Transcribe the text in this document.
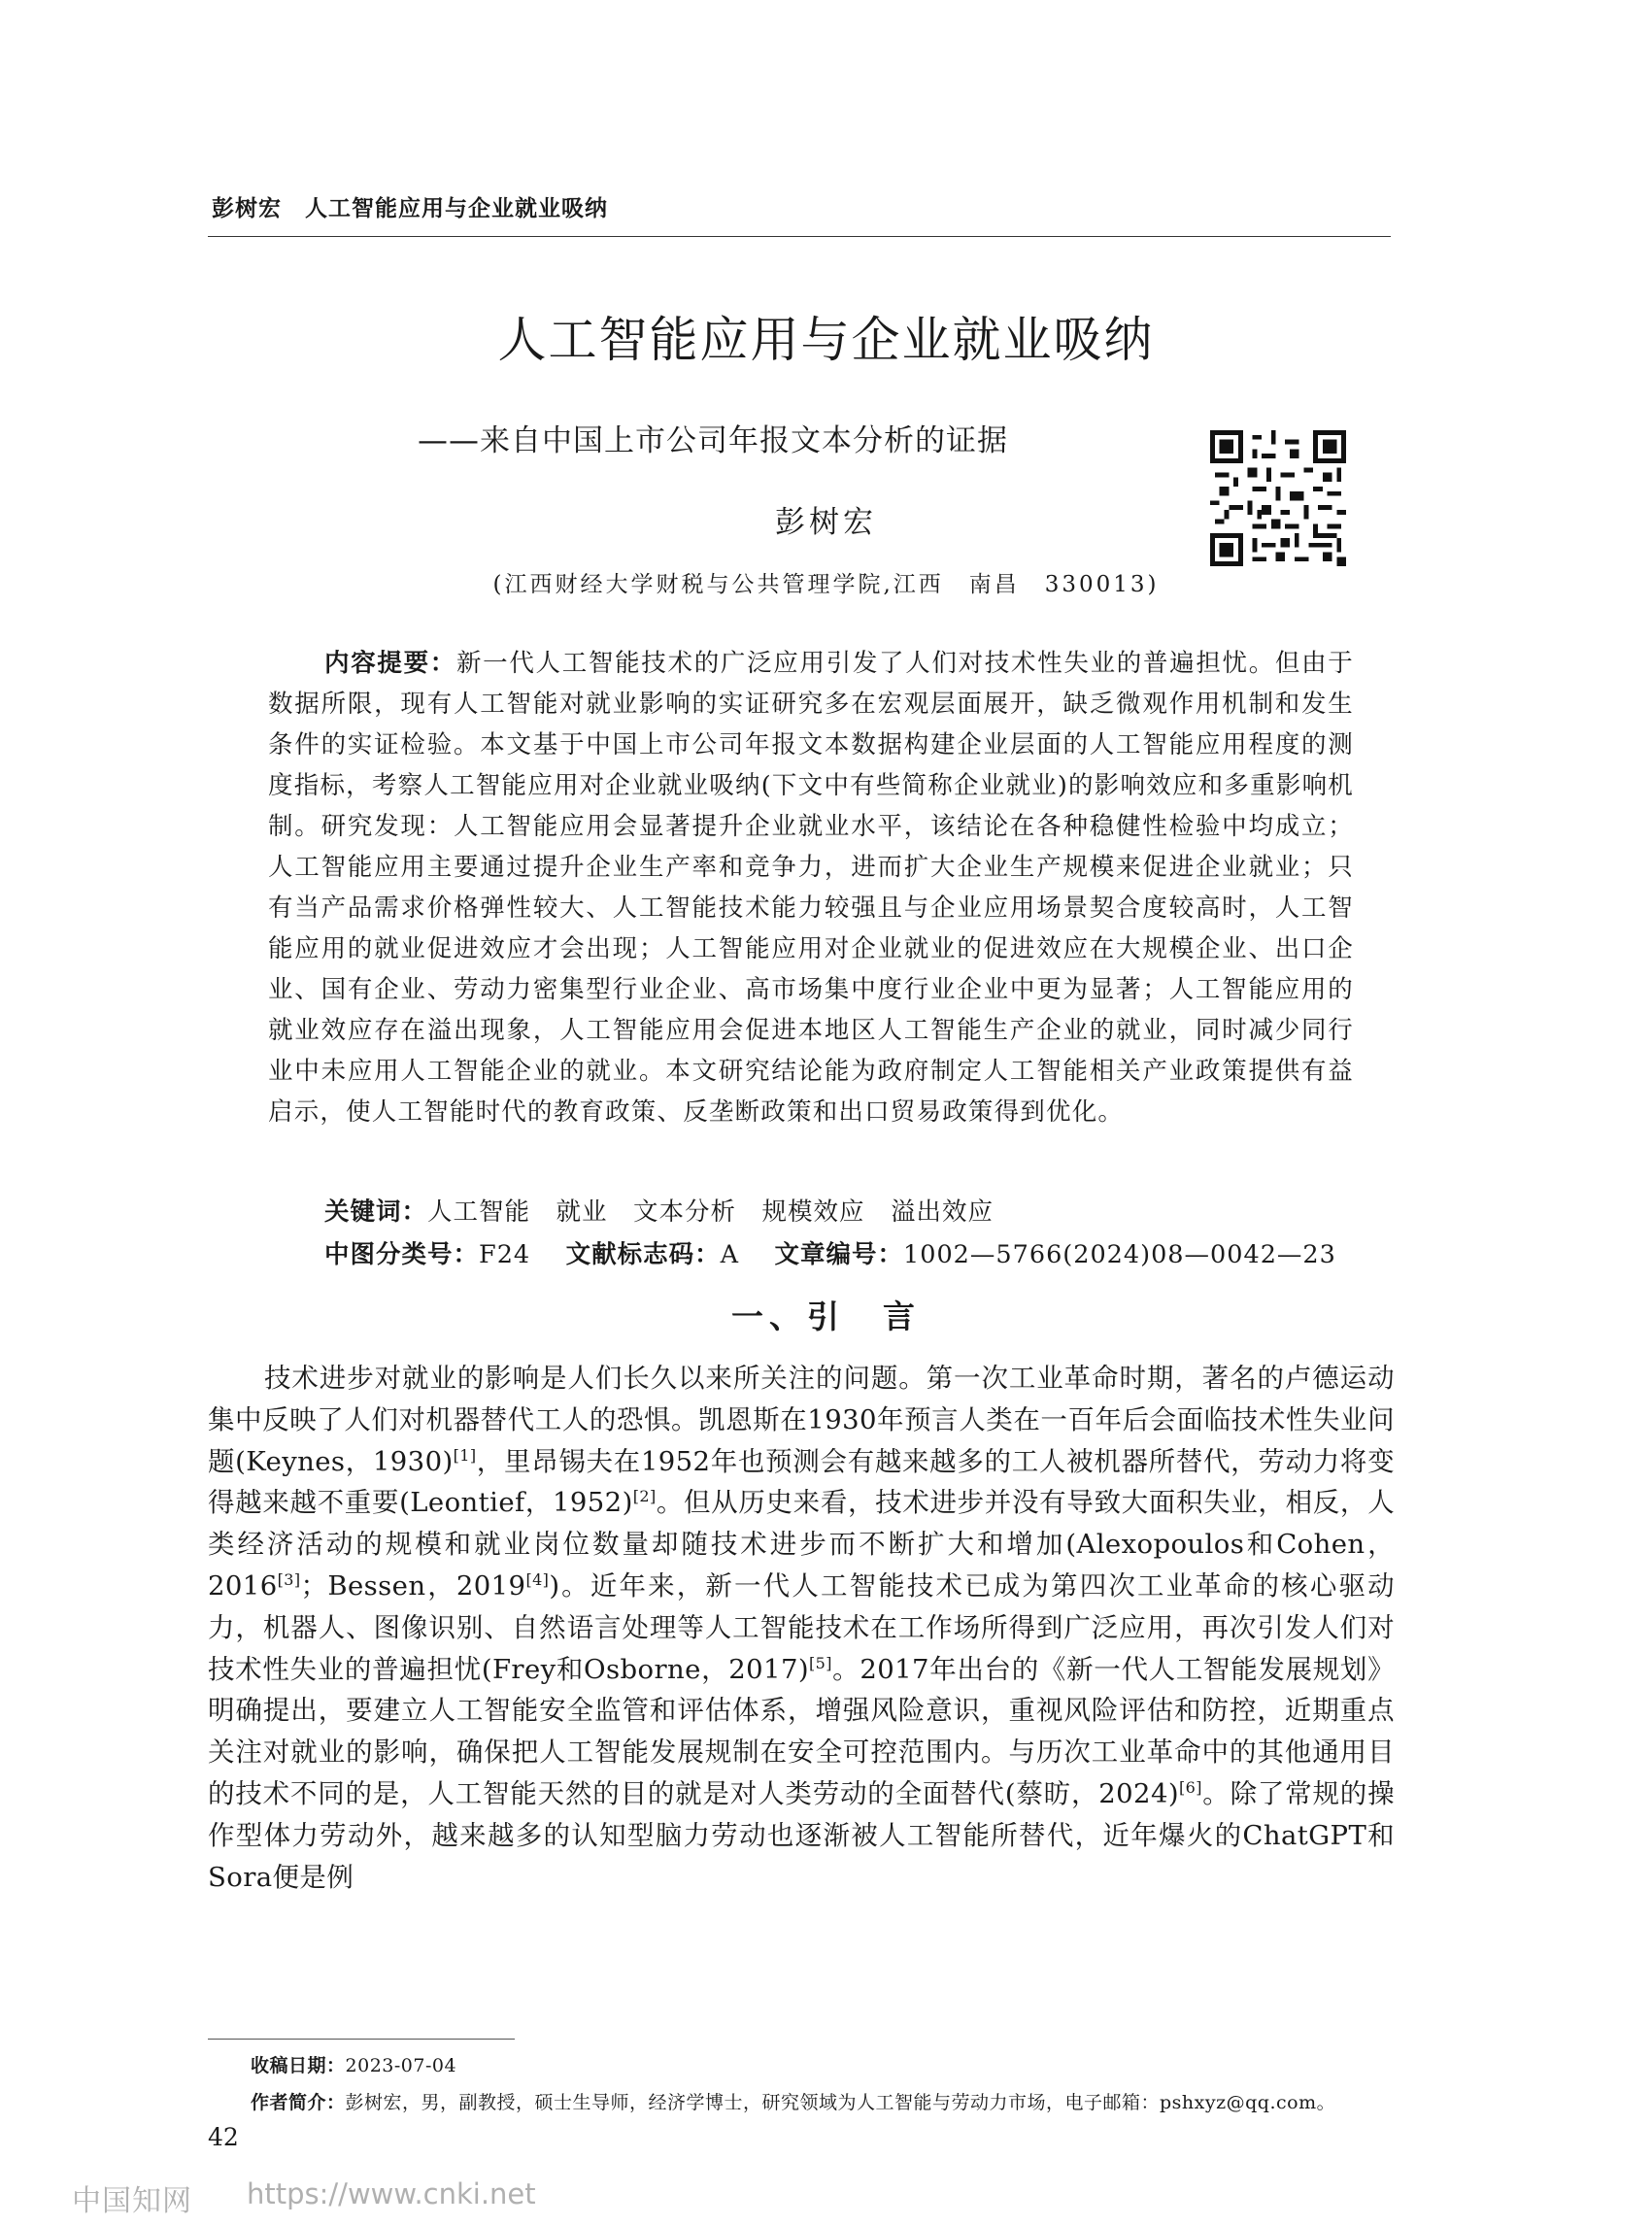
彭树宏　人工智能应用与企业就业吸纳
人工智能应用与企业就业吸纳
——来自中国上市公司年报文本分析的证据
彭树宏
(江西财经大学财税与公共管理学院,江西　南昌　330013)

内容提要：新一代人工智能技术的广泛应用引发了人们对技术性失业的普遍担忧。但由于数据所限，现有人工智能对就业影响的实证研究多在宏观层面展开，缺乏微观作用机制和发生条件的实证检验。本文基于中国上市公司年报文本数据构建企业层面的人工智能应用程度的测度指标，考察人工智能应用对企业就业吸纳(下文中有些简称企业就业)的影响效应和多重影响机制。研究发现：人工智能应用会显著提升企业就业水平，该结论在各种稳健性检验中均成立；人工智能应用主要通过提升企业生产率和竞争力，进而扩大企业生产规模来促进企业就业；只有当产品需求价格弹性较大、人工智能技术能力较强且与企业应用场景契合度较高时，人工智能应用的就业促进效应才会出现；人工智能应用对企业就业的促进效应在大规模企业、出口企业、国有企业、劳动力密集型行业企业、高市场集中度行业企业中更为显著；人工智能应用的就业效应存在溢出现象，人工智能应用会促进本地区人工智能生产企业的就业，同时减少同行业中未应用人工智能企业的就业。本文研究结论能为政府制定人工智能相关产业政策提供有益启示，使人工智能时代的教育政策、反垄断政策和出口贸易政策得到优化。

关键词：人工智能　就业　文本分析　规模效应　溢出效应
中图分类号：F24 文献标志码：A 文章编号：1002—5766(2024)08—0042—23
一、引　言

技术进步对就业的影响是人们长久以来所关注的问题。第一次工业革命时期，著名的卢德运动集中反映了人们对机器替代工人的恐惧。凯恩斯在1930年预言人类在一百年后会面临技术性失业问题(Keynes，1930)[1]，里昂锡夫在1952年也预测会有越来越多的工人被机器所替代，劳动力将变得越来越不重要(Leontief，1952)[2]。但从历史来看，技术进步并没有导致大面积失业，相反，人类经济活动的规模和就业岗位数量却随技术进步而不断扩大和增加(Alexopoulos和Cohen，2016[3]；Bessen，2019[4])。近年来，新一代人工智能技术已成为第四次工业革命的核心驱动力，机器人、图像识别、自然语言处理等人工智能技术在工作场所得到广泛应用，再次引发人们对技术性失业的普遍担忧(Frey和Osborne，2017)[5]。2017年出台的《新一代人工智能发展规划》明确提出，要建立人工智能安全监管和评估体系，增强风险意识，重视风险评估和防控，近期重点关注对就业的影响，确保把人工智能发展规制在安全可控范围内。与历次工业革命中的其他通用目的技术不同的是，人工智能天然的目的就是对人类劳动的全面替代(蔡昉，2024)[6]。除了常规的操作型体力劳动外，越来越多的认知型脑力劳动也逐渐被人工智能所替代，近年爆火的ChatGPT和Sora便是例

收稿日期：2023-07-04
作者简介：彭树宏，男，副教授，硕士生导师，经济学博士，研究领域为人工智能与劳动力市场，电子邮箱：pshxyz@qq.com。
42
中国知网 https://www.cnki.net
